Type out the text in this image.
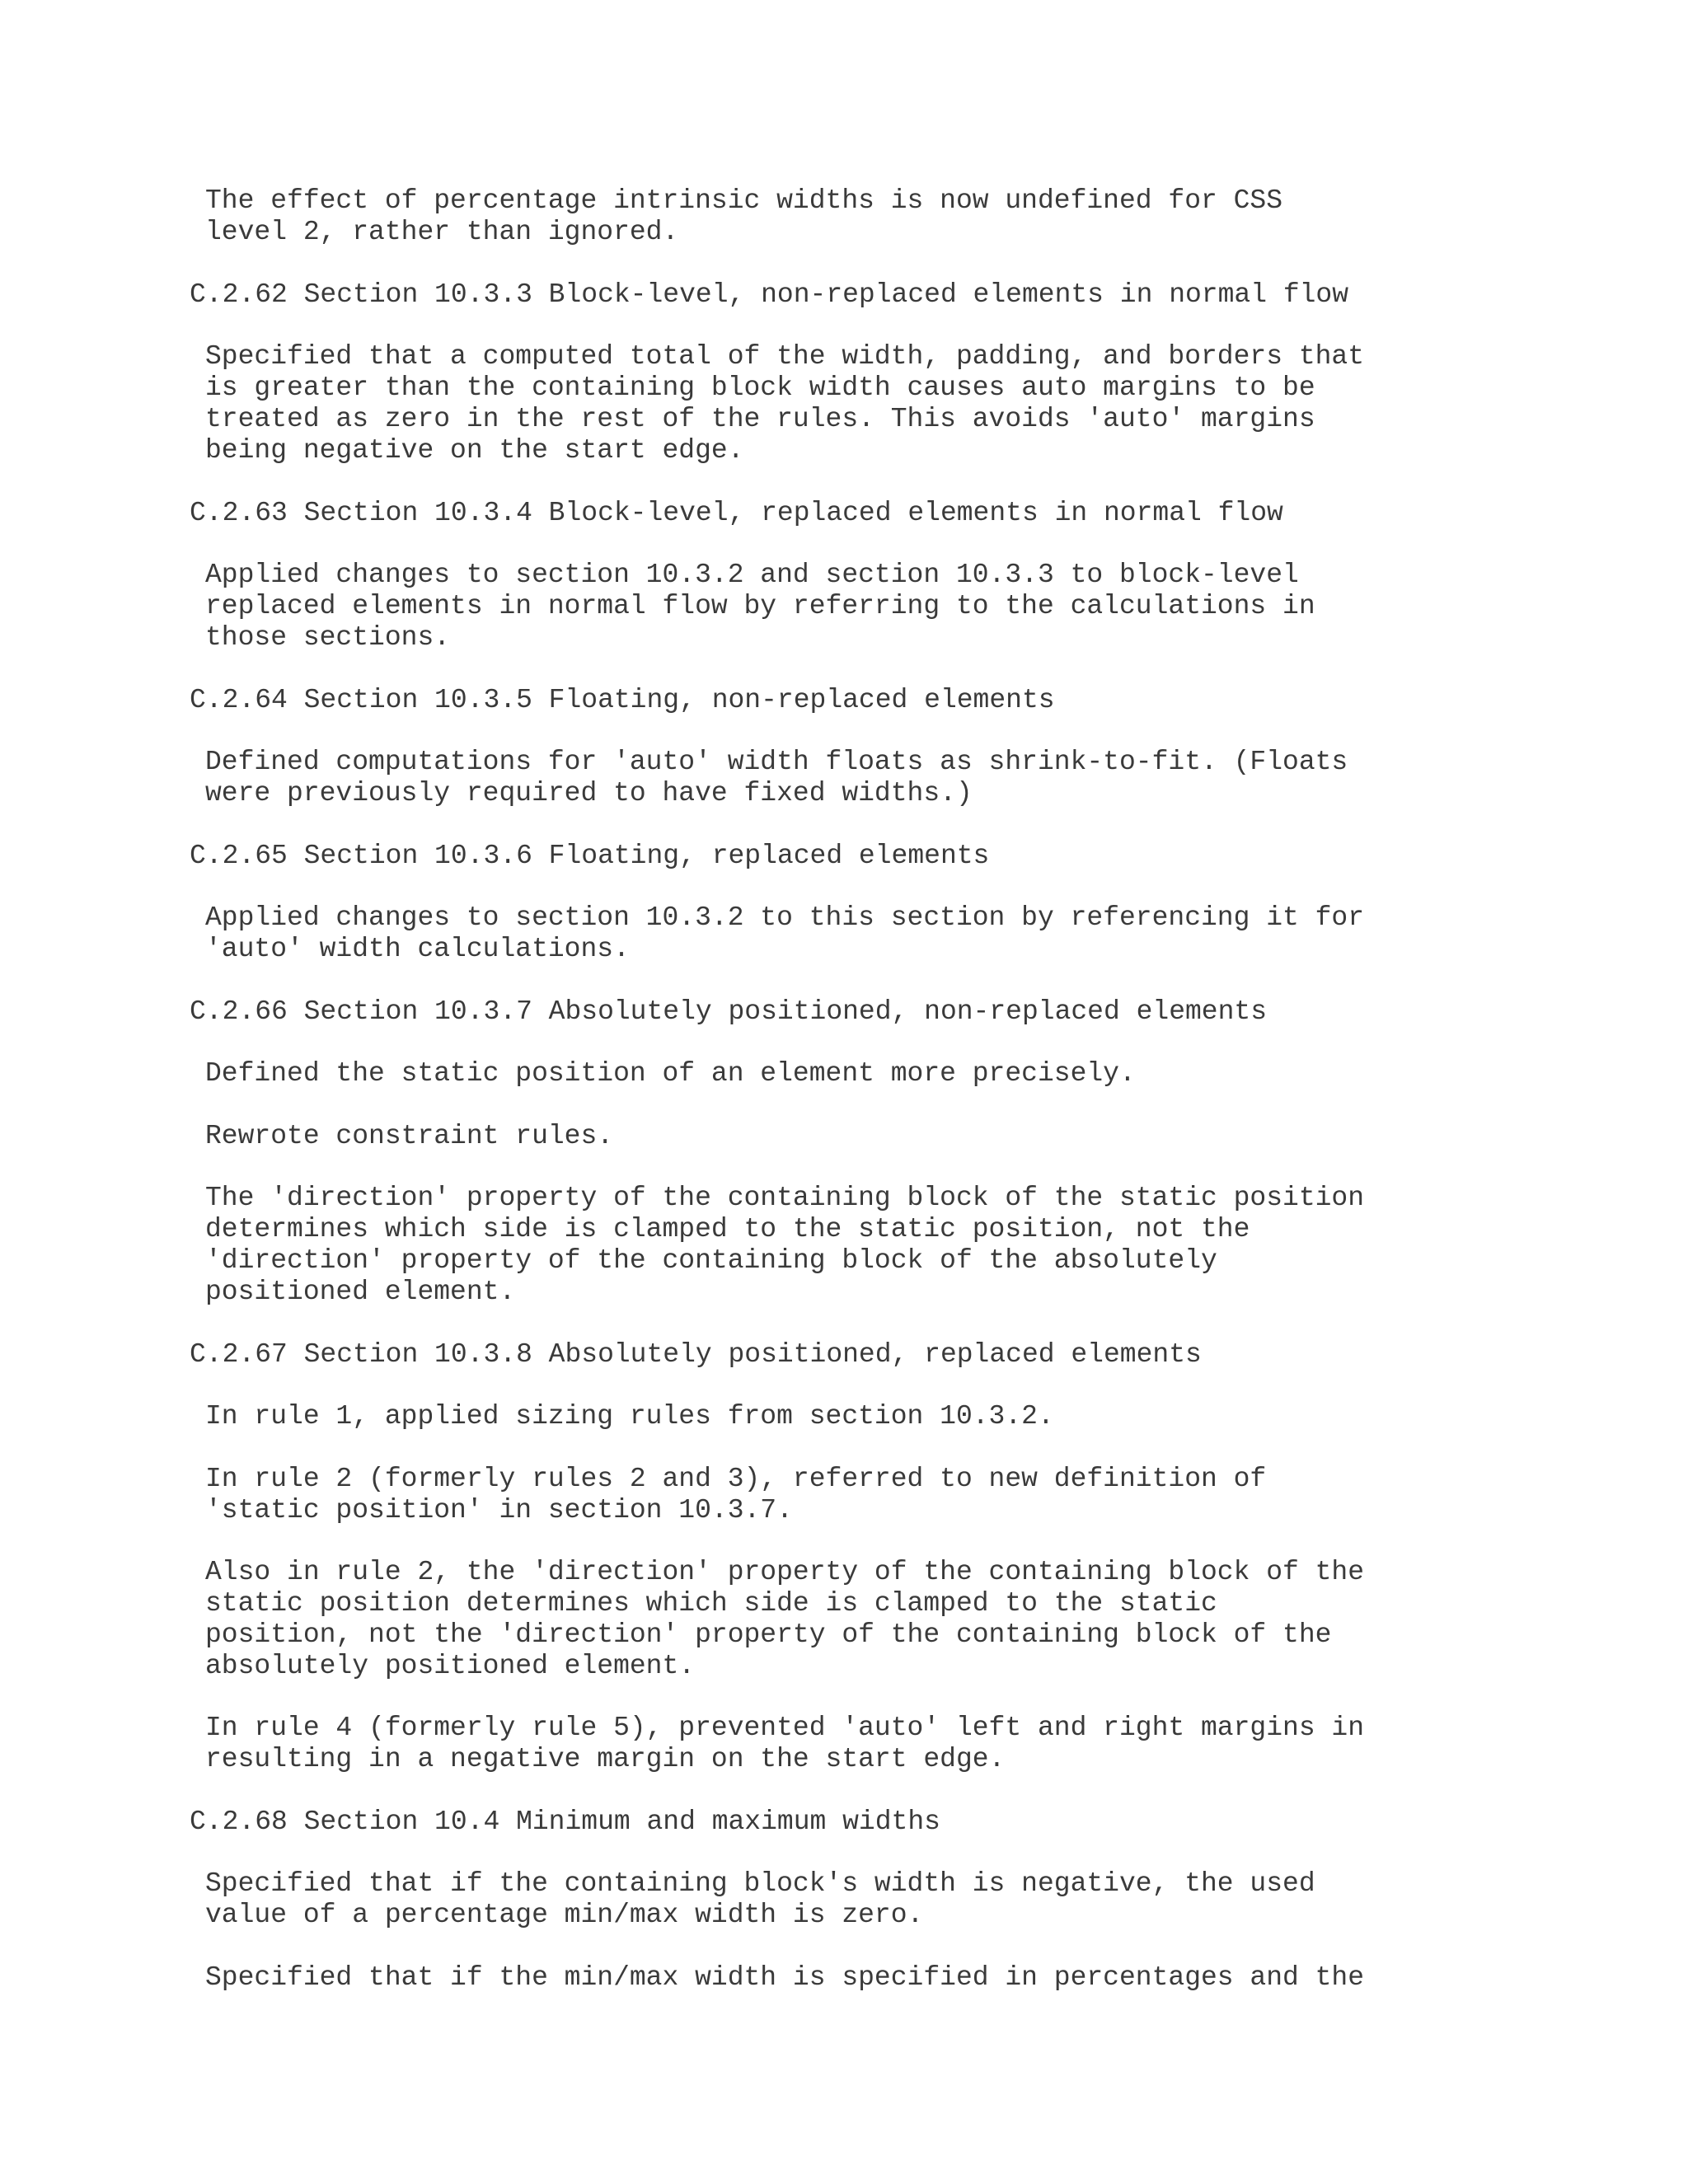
The effect of percentage intrinsic widths is now undefined for CSS
level 2, rather than ignored.
C.2.62 Section 10.3.3 Block-level, non-replaced elements in normal flow
Specified that a computed total of the width, padding, and borders that
is greater than the containing block width causes auto margins to be
treated as zero in the rest of the rules. This avoids 'auto' margins
being negative on the start edge.
C.2.63 Section 10.3.4 Block-level, replaced elements in normal flow
Applied changes to section 10.3.2 and section 10.3.3 to block-level
replaced elements in normal flow by referring to the calculations in
those sections.
C.2.64 Section 10.3.5 Floating, non-replaced elements
Defined computations for 'auto' width floats as shrink-to-fit. (Floats
were previously required to have fixed widths.)
C.2.65 Section 10.3.6 Floating, replaced elements
Applied changes to section 10.3.2 to this section by referencing it for
'auto' width calculations.
C.2.66 Section 10.3.7 Absolutely positioned, non-replaced elements
Defined the static position of an element more precisely.
Rewrote constraint rules.
The 'direction' property of the containing block of the static position
determines which side is clamped to the static position, not the
'direction' property of the containing block of the absolutely
positioned element.
C.2.67 Section 10.3.8 Absolutely positioned, replaced elements
In rule 1, applied sizing rules from section 10.3.2.
In rule 2 (formerly rules 2 and 3), referred to new definition of
'static position' in section 10.3.7.
Also in rule 2, the 'direction' property of the containing block of the
static position determines which side is clamped to the static
position, not the 'direction' property of the containing block of the
absolutely positioned element.
In rule 4 (formerly rule 5), prevented 'auto' left and right margins in
resulting in a negative margin on the start edge.
C.2.68 Section 10.4 Minimum and maximum widths
Specified that if the containing block's width is negative, the used
value of a percentage min/max width is zero.
Specified that if the min/max width is specified in percentages and the
